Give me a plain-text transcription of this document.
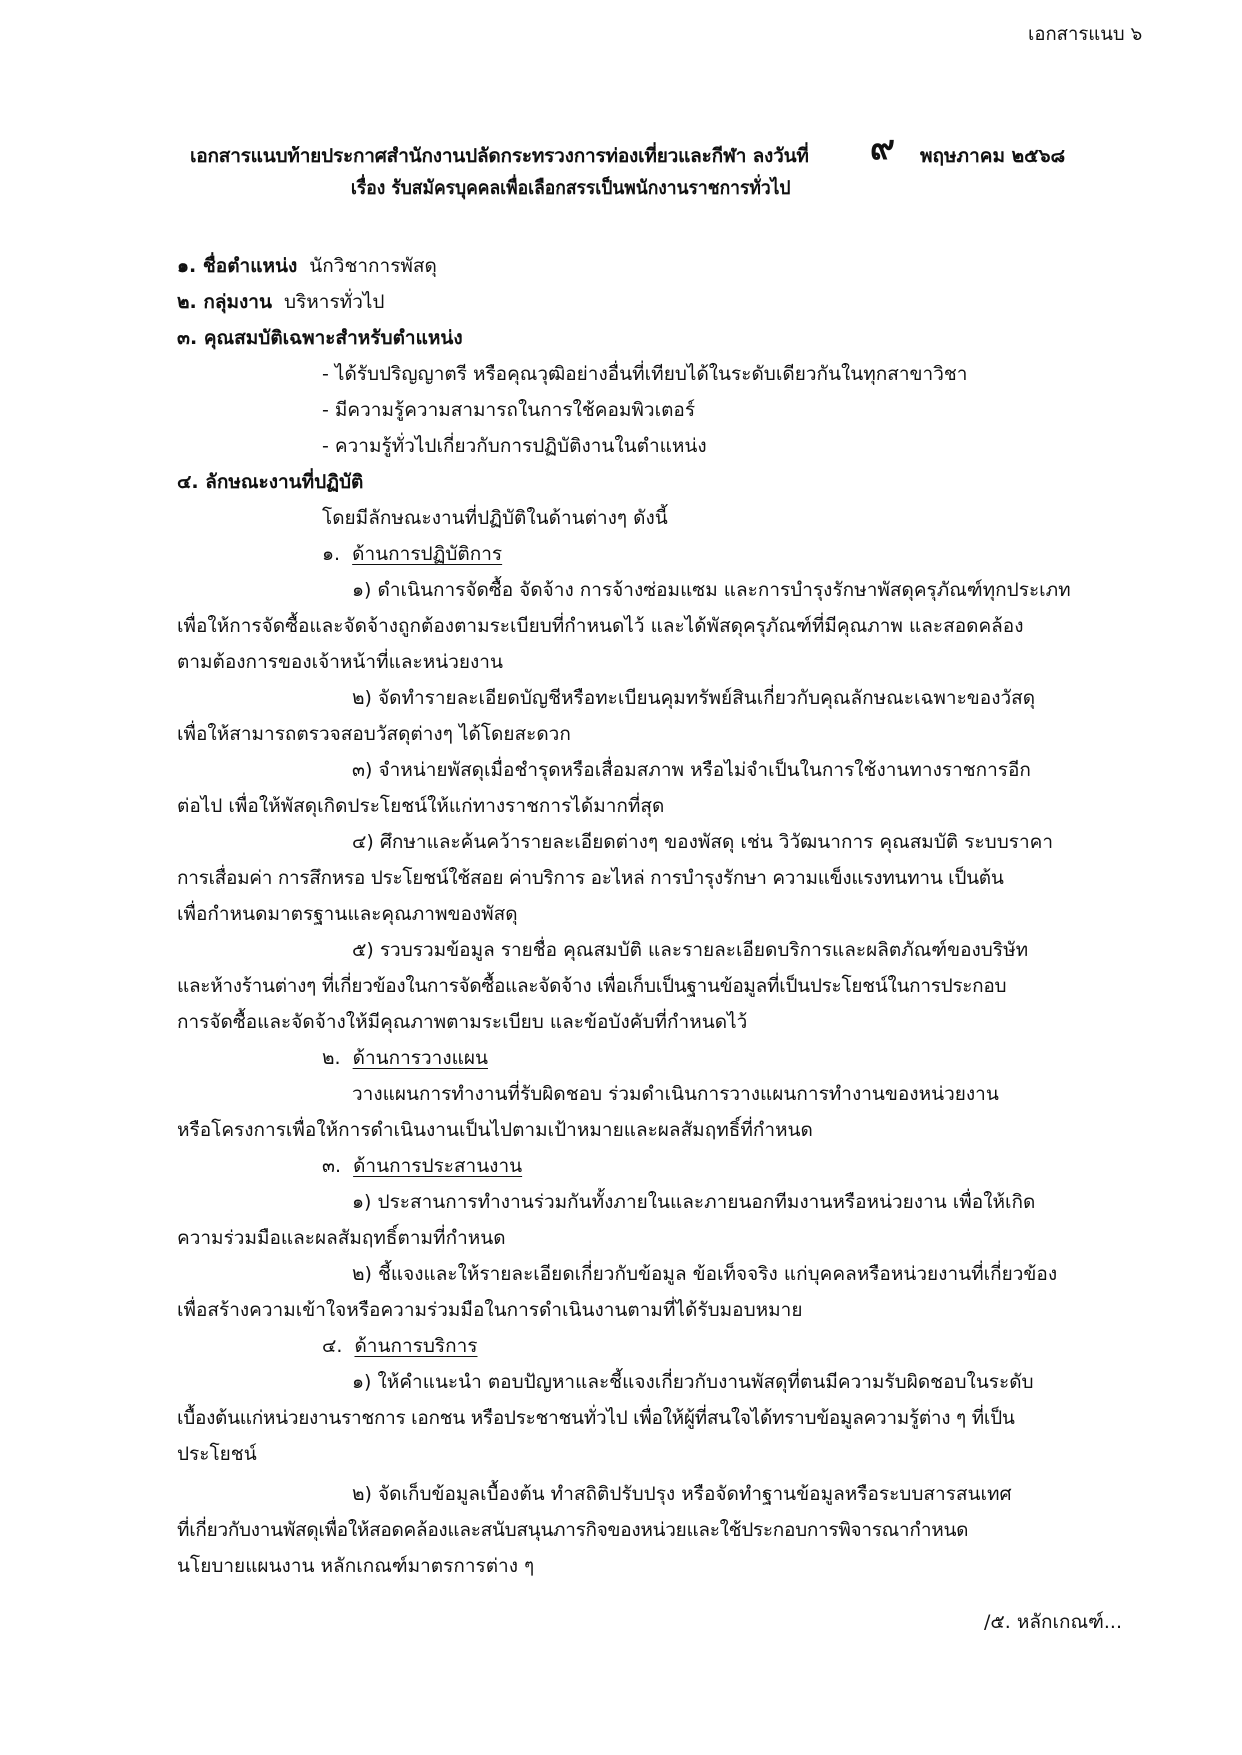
เอกสารแนบ ๖
เอกสารแนบท้ายประกาศสำนักงานปลัดกระทรวงการท่องเที่ยวและกีฬา ลงวันที่ ๙ พฤษภาคม ๒๕๖๘
เรื่อง รับสมัครบุคคลเพื่อเลือกสรรเป็นพนักงานราชการทั่วไป
๑. ชื่อตำแหน่ง นักวิชาการพัสดุ
๒. กลุ่มงาน บริหารทั่วไป
๓. คุณสมบัติเฉพาะสำหรับตำแหน่ง
- ได้รับปริญญาตรี หรือคุณวุฒิอย่างอื่นที่เทียบได้ในระดับเดียวกันในทุกสาขาวิชา
- มีความรู้ความสามารถในการใช้คอมพิวเตอร์
- ความรู้ทั่วไปเกี่ยวกับการปฏิบัติงานในตำแหน่ง
๔. ลักษณะงานที่ปฏิบัติ
โดยมีลักษณะงานที่ปฏิบัติในด้านต่างๆ ดังนี้
๑. ด้านการปฏิบัติการ
๑) ดำเนินการจัดซื้อ จัดจ้าง การจ้างซ่อมแซม และการบำรุงรักษาพัสดุครุภัณฑ์ทุกประเภท
เพื่อให้การจัดซื้อและจัดจ้างถูกต้องตามระเบียบที่กำหนดไว้ และได้พัสดุครุภัณฑ์ที่มีคุณภาพ และสอดคล้อง
ตามต้องการของเจ้าหน้าที่และหน่วยงาน
๒) จัดทำรายละเอียดบัญชีหรือทะเบียนคุมทรัพย์สินเกี่ยวกับคุณลักษณะเฉพาะของวัสดุ
เพื่อให้สามารถตรวจสอบวัสดุต่างๆ ได้โดยสะดวก
๓) จำหน่ายพัสดุเมื่อชำรุดหรือเสื่อมสภาพ หรือไม่จำเป็นในการใช้งานทางราชการอีก
ต่อไป เพื่อให้พัสดุเกิดประโยชน์ให้แก่ทางราชการได้มากที่สุด
๔) ศึกษาและค้นคว้ารายละเอียดต่างๆ ของพัสดุ เช่น วิวัฒนาการ คุณสมบัติ ระบบราคา
การเสื่อมค่า การสึกหรอ ประโยชน์ใช้สอย ค่าบริการ อะไหล่ การบำรุงรักษา ความแข็งแรงทนทาน เป็นต้น
เพื่อกำหนดมาตรฐานและคุณภาพของพัสดุ
๕) รวบรวมข้อมูล รายชื่อ คุณสมบัติ และรายละเอียดบริการและผลิตภัณฑ์ของบริษัท
และห้างร้านต่างๆ ที่เกี่ยวข้องในการจัดซื้อและจัดจ้าง เพื่อเก็บเป็นฐานข้อมูลที่เป็นประโยชน์ในการประกอบ
การจัดซื้อและจัดจ้างให้มีคุณภาพตามระเบียบ และข้อบังคับที่กำหนดไว้
๒. ด้านการวางแผน
วางแผนการทำงานที่รับผิดชอบ ร่วมดำเนินการวางแผนการทำงานของหน่วยงาน
หรือโครงการเพื่อให้การดำเนินงานเป็นไปตามเป้าหมายและผลสัมฤทธิ์ที่กำหนด
๓. ด้านการประสานงาน
๑) ประสานการทำงานร่วมกันทั้งภายในและภายนอกทีมงานหรือหน่วยงาน เพื่อให้เกิด
ความร่วมมือและผลสัมฤทธิ์ตามที่กำหนด
๒) ชี้แจงและให้รายละเอียดเกี่ยวกับข้อมูล ข้อเท็จจริง แก่บุคคลหรือหน่วยงานที่เกี่ยวข้อง
เพื่อสร้างความเข้าใจหรือความร่วมมือในการดำเนินงานตามที่ได้รับมอบหมาย
๔. ด้านการบริการ
๑) ให้คำแนะนำ ตอบปัญหาและชี้แจงเกี่ยวกับงานพัสดุที่ตนมีความรับผิดชอบในระดับ
เบื้องต้นแก่หน่วยงานราชการ เอกชน หรือประชาชนทั่วไป เพื่อให้ผู้ที่สนใจได้ทราบข้อมูลความรู้ต่าง ๆ ที่เป็น
ประโยชน์
๒) จัดเก็บข้อมูลเบื้องต้น ทำสถิติปรับปรุง หรือจัดทำฐานข้อมูลหรือระบบสารสนเทศ
ที่เกี่ยวกับงานพัสดุเพื่อให้สอดคล้องและสนับสนุนภารกิจของหน่วยและใช้ประกอบการพิจารณากำหนด
นโยบายแผนงาน หลักเกณฑ์มาตรการต่าง ๆ
/๕. หลักเกณฑ์...
